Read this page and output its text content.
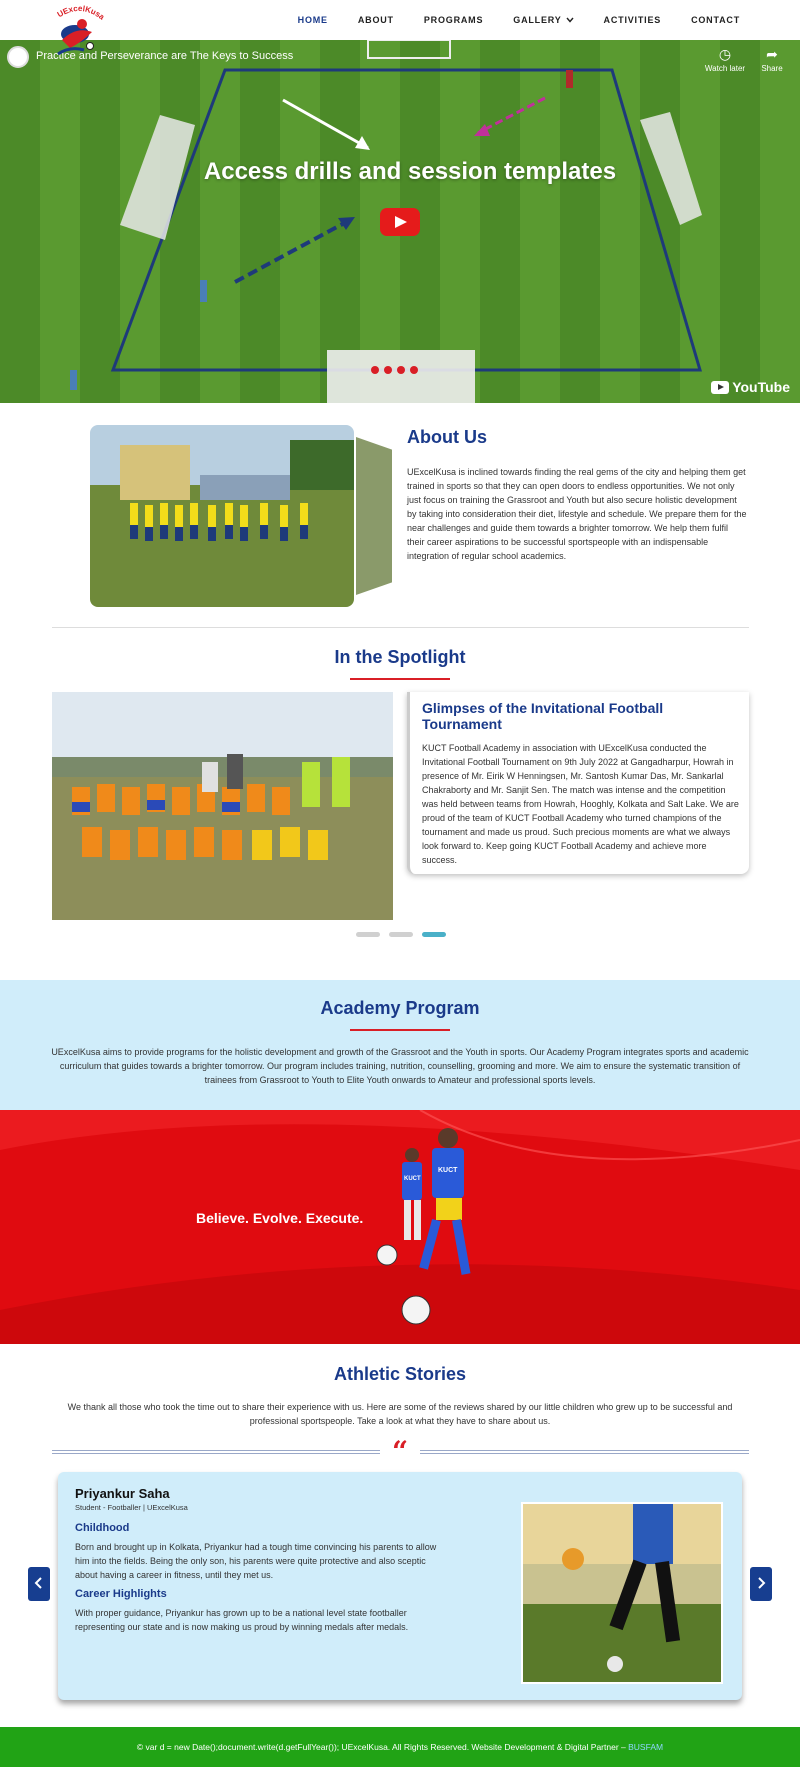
UExcelKusa	HOME	ABOUT	PROGRAMS	GALLERY	ACTIVITIES	CONTACT
Practice and Perseverance are The Keys to Success	◷
Watch later
➦
Share
Access drills and session templates
YouTube
About Us
UExcelKusa is inclined towards finding the real gems of the city and helping them get trained in sports so that they can open doors to endless opportunities. We not only just focus on training the Grassroot and Youth but also secure holistic development by taking into consideration their diet, lifestyle and schedule. We prepare them for the near challenges and guide them towards a brighter tomorrow. We help them fulfil their career aspirations to be successful sportspeople with an indispensable integration of regular school academics.
In the Spotlight
Glimpses of the Invitational Football Tournament

KUCT Football Academy in association with UExcelKusa conducted the Invitational Football Tournament on 9th July 2022 at Gangadharpur, Howrah in presence of Mr. Eirik W Henningsen, Mr. Santosh Kumar Das, Mr. Sankarlal Chakraborty and Mr. Sanjit Sen. The match was intense and the competition was held between teams from Howrah, Hooghly, Kolkata and Salt Lake. We are proud of the team of KUCT Football Academy who turned champions of the tournament and made us proud. Such precious moments are what we always look forward to. Keep going KUCT Football Academy and achieve more success.

Academy Program
UExcelKusa aims to provide programs for the holistic development and growth of the Grassroot and the Youth in sports. Our Academy Program integrates sports and academic curriculum that guides towards a brighter tomorrow. Our program includes training, nutrition, counselling, grooming and more. We aim to ensure the systematic transition of trainees from Grassroot to Youth to Elite Youth onwards to Amateur and professional sports levels.
KUCT
KUCT
Believe. Evolve. Execute.
Athletic Stories
We thank all those who took the time out to share their experience with us. Here are some of the reviews shared by our little children who grew up to be successful and professional sportspeople. Take a look at what they have to share about us.
“
Priyankur Saha
Student - Footballer | UExcelKusa
Childhood
Born and brought up in Kolkata, Priyankur had a tough time convincing his parents to allow him into the fields. Being the only son, his parents were quite protective and also sceptic about having a career in fitness, until they met us.
Career Highlights
With proper guidance, Priyankur has grown up to be a national level state footballer representing our state and is now making us proud by winning medals after medals.
© var d = new Date();document.write(d.getFullYear()); UExcelKusa. All Rights Reserved. Website Development & Digital Partner – BUSFAM
